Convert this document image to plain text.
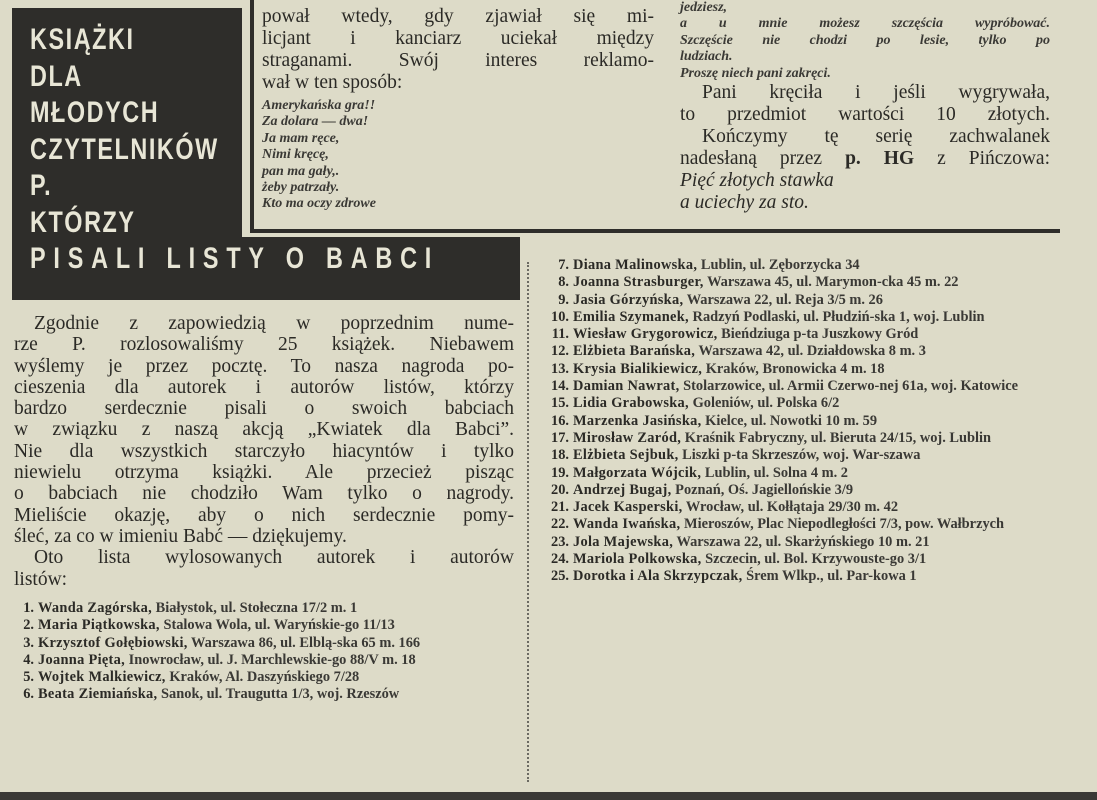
KSIĄŻKI
DLA
MŁODYCH
CZYTELNIKÓW
P.
KTÓRZY
PISALI LISTY O BABCI
pował wtedy, gdy zjawiał się mi-
licjant i kanciarz uciekał między
straganami. Swój interes reklamo-
wał w ten sposób:
Amerykańska gra!!
Za dolara — dwa!
Ja mam ręce,
Nimi kręcę,
pan ma gały,.
żeby patrzały.
Kto ma oczy zdrowe
jedziesz,
a u mnie możesz szczęścia wypróbować.
Szczęście nie chodzi po lesie, tylko po
ludziach.
Proszę niech pani zakręci.
Pani kręciła i jeśli wygrywała,
to przedmiot wartości 10 złotych.
Kończymy tę serię zachwalanek
nadesłaną przez p. HG z Pińczowa:
Pięć złotych stawka
a uciechy za sto.
Zgodnie z zapowiedzią w poprzednim nume-
rze P. rozlosowaliśmy 25 książek. Niebawem
wyślemy je przez pocztę. To nasza nagroda po-
cieszenia dla autorek i autorów listów, którzy
bardzo serdecznie pisali o swoich babciach
w związku z naszą akcją „Kwiatek dla Babci”.
Nie dla wszystkich starczyło hiacyntów i tylko
niewielu otrzyma książki. Ale przecież pisząc
o babciach nie chodziło Wam tylko o nagrody.
Mieliście okazję, aby o nich serdecznie pomy-
śleć, za co w imieniu Babć — dziękujemy.
Oto lista wylosowanych autorek i autorów
listów:
1. Wanda Zagórska, Białystok, ul. Stołeczna 17/2 m. 1
2. Maria Piątkowska, Stalowa Wola, ul. Waryńskie-go 11/13
3. Krzysztof Gołębiowski, Warszawa 86, ul. Elblą-ska 65 m. 166
4. Joanna Pięta, Inowrocław, ul. J. Marchlewskie-go 88/V m. 18
5. Wojtek Malkiewicz, Kraków, Al. Daszyńskiego 7/28
6. Beata Ziemiańska, Sanok, ul. Traugutta 1/3, woj. Rzeszów
7. Diana Malinowska, Lublin, ul. Zęborzycka 34
8. Joanna Strasburger, Warszawa 45, ul. Marymon-cka 45 m. 22
9. Jasia Górzyńska, Warszawa 22, ul. Reja 3/5 m. 26
10. Emilia Szymanek, Radzyń Podlaski, ul. Płudziń-ska 1, woj. Lublin
11. Wiesław Grygorowicz, Bieńdziuga p-ta Juszkowy Gród
12. Elżbieta Barańska, Warszawa 42, ul. Działdowska 8 m. 3
13. Krysia Bialikiewicz, Kraków, Bronowicka 4 m. 18
14. Damian Nawrat, Stolarzowice, ul. Armii Czerwo-nej 61a, woj. Katowice
15. Lidia Grabowska, Goleniów, ul. Polska 6/2
16. Marzenka Jasińska, Kielce, ul. Nowotki 10 m. 59
17. Mirosław Zaród, Kraśnik Fabryczny, ul. Bieruta 24/15, woj. Lublin
18. Elżbieta Sejbuk, Liszki p-ta Skrzeszów, woj. War-szawa
19. Małgorzata Wójcik, Lublin, ul. Solna 4 m. 2
20. Andrzej Bugaj, Poznań, Oś. Jagiellońskie 3/9
21. Jacek Kasperski, Wrocław, ul. Kołłątaja 29/30 m. 42
22. Wanda Iwańska, Mieroszów, Plac Niepodległości 7/3, pow. Wałbrzych
23. Jola Majewska, Warszawa 22, ul. Skarżyńskiego 10 m. 21
24. Mariola Polkowska, Szczecin, ul. Bol. Krzywouste-go 3/1
25. Dorotka i Ala Skrzypczak, Śrem Wlkp., ul. Par-kowa 1
